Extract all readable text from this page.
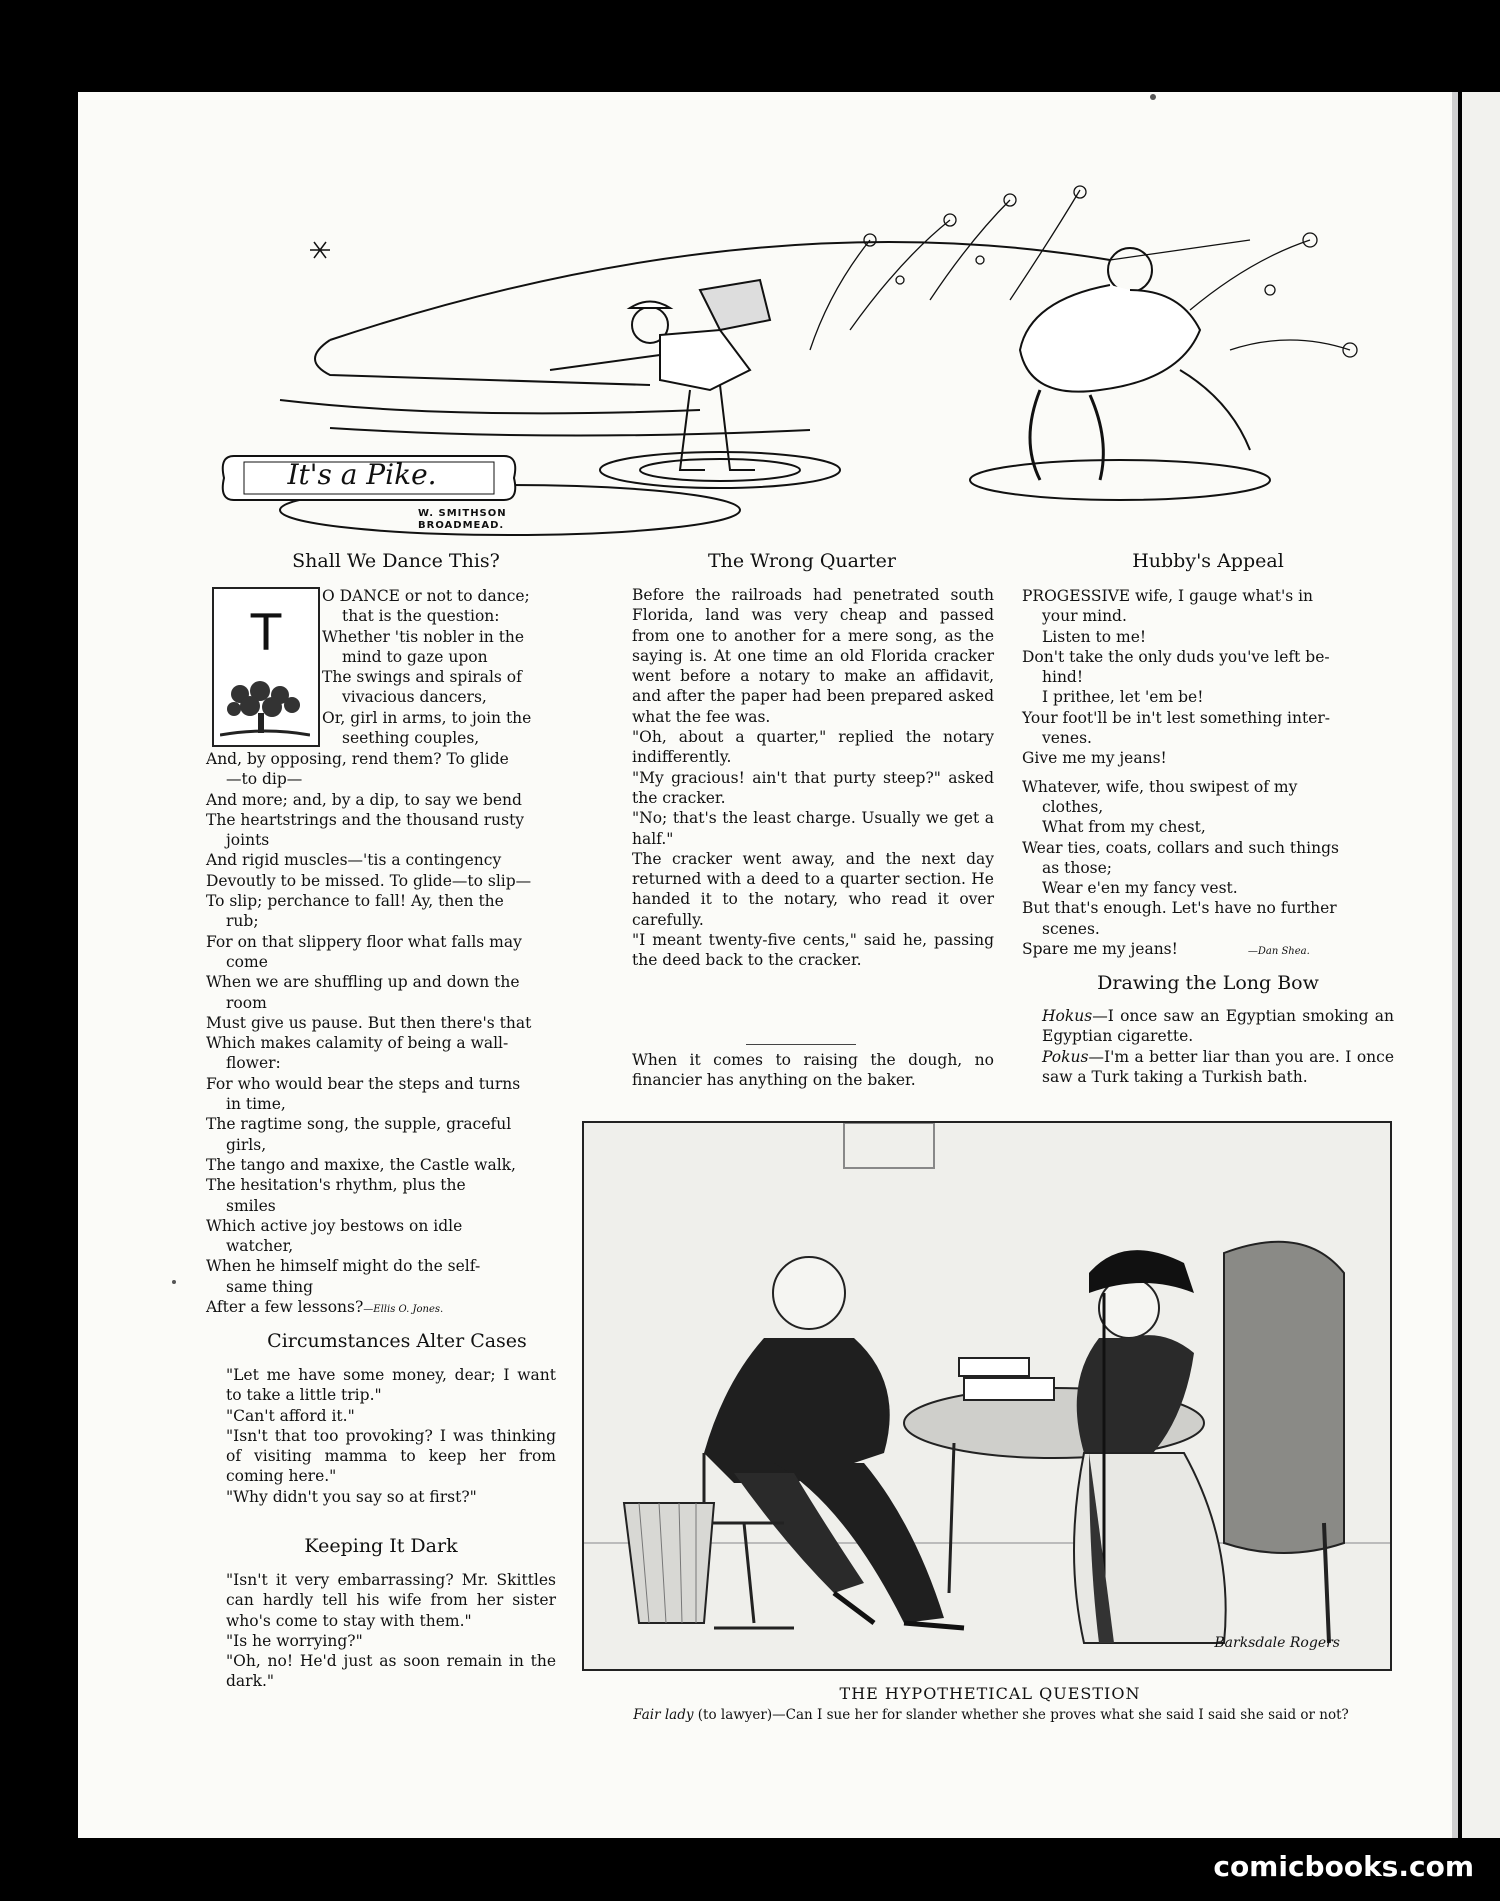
It's a Pike.
W. SMITHSON
BROADMEAD.
Shall We Dance This?
T

O DANCE or not to dance;

that is the question:

Whether 'tis nobler in the

mind to gaze upon

The swings and spirals of

vivacious dancers,

Or, girl in arms, to join the

seething couples,

And, by opposing, rend them? To glide

—to dip—

And more; and, by a dip, to say we bend

The heartstrings and the thousand rusty

joints

And rigid muscles—'tis a contingency

Devoutly to be missed. To glide—to slip—

To slip; perchance to fall! Ay, then the

rub;

For on that slippery floor what falls may

come

When we are shuffling up and down the

room

Must give us pause. But then there's that

Which makes calamity of being a wall-

flower:

For who would bear the steps and turns

in time,

The ragtime song, the supple, graceful

girls,

The tango and maxixe, the Castle walk,

The hesitation's rhythm, plus the

smiles

Which active joy bestows on idle

watcher,

When he himself might do the self-

same thing

After a few lessons?—Ellis O. Jones.

Circumstances Alter Cases

"Let me have some money, dear; I want to take a little trip."

"Can't afford it."

"Isn't that too provoking? I was thinking of visiting mamma to keep her from coming here."

"Why didn't you say so at first?"

Keeping It Dark

"Isn't it very embarrassing? Mr. Skittles can hardly tell his wife from her sister who's come to stay with them."

"Is he worrying?"

"Oh, no! He'd just as soon remain in the dark."

The Wrong Quarter

Before the railroads had penetrated south Florida, land was very cheap and passed from one to another for a mere song, as the saying is. At one time an old Florida cracker went before a notary to make an affidavit, and after the paper had been prepared asked what the fee was.

"Oh, about a quarter," replied the notary indifferently.

"My gracious! ain't that purty steep?" asked the cracker.

"No; that's the least charge. Usually we get a half."

The cracker went away, and the next day returned with a deed to a quarter section. He handed it to the notary, who read it over carefully.

"I meant twenty-five cents," said he, passing the deed back to the cracker.

When it comes to raising the dough, no financier has anything on the baker.

Hubby's Appeal

PROGESSIVE wife, I gauge what's in

your mind.

Listen to me!

Don't take the only duds you've left be-

hind!

I prithee, let 'em be!

Your foot'll be in't lest something inter-

venes.

Give me my jeans!

Whatever, wife, thou swipest of my

clothes,

What from my chest,

Wear ties, coats, collars and such things

as those;

Wear e'en my fancy vest.

But that's enough. Let's have no further

scenes.

Spare me my jeans!	—Dan Shea.

Drawing the Long Bow

Hokus—I once saw an Egyptian smoking an Egyptian cigarette.

Pokus—I'm a better liar than you are. I once saw a Turk taking a Turkish bath.

Barksdale Rogers
THE HYPOTHETICAL QUESTION
Fair lady (to lawyer)—Can I sue her for slander whether she proves what she said I said she said or not?
comicbooks.com
